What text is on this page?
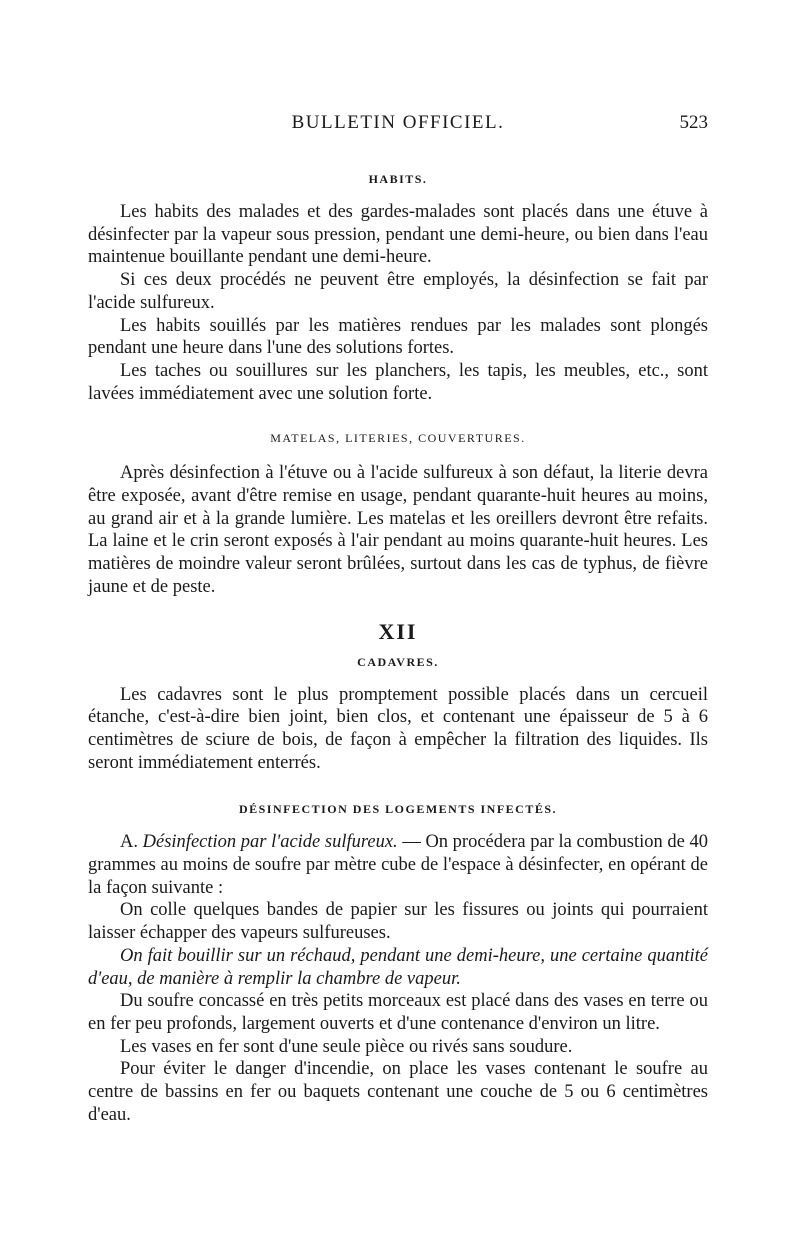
BULLETIN OFFICIEL.	523
HABITS.

Les habits des malades et des gardes-malades sont placés dans une étuve à désinfecter par la vapeur sous pression, pendant une demi-heure, ou bien dans l'eau maintenue bouillante pendant une demi-heure.

Si ces deux procédés ne peuvent être employés, la désinfection se fait par l'acide sulfureux.

Les habits souillés par les matières rendues par les malades sont plongés pendant une heure dans l'une des solutions fortes.

Les taches ou souillures sur les planchers, les tapis, les meubles, etc., sont lavées immédiatement avec une solution forte.

MATELAS, LITERIES, COUVERTURES.

Après désinfection à l'étuve ou à l'acide sulfureux à son défaut, la literie devra être exposée, avant d'être remise en usage, pendant quarante-huit heures au moins, au grand air et à la grande lumière. Les matelas et les oreillers devront être refaits. La laine et le crin seront exposés à l'air pendant au moins quarante-huit heures. Les matières de moindre valeur seront brûlées, surtout dans les cas de typhus, de fièvre jaune et de peste.

XII
CADAVRES.

Les cadavres sont le plus promptement possible placés dans un cercueil étanche, c'est-à-dire bien joint, bien clos, et contenant une épaisseur de 5 à 6 centimètres de sciure de bois, de façon à empêcher la filtration des liquides. Ils seront immédiatement enterrés.

DÉSINFECTION DES LOGEMENTS INFECTÉS.

A. Désinfection par l'acide sulfureux. — On procédera par la combustion de 40 grammes au moins de soufre par mètre cube de l'espace à désinfecter, en opérant de la façon suivante :

On colle quelques bandes de papier sur les fissures ou joints qui pourraient laisser échapper des vapeurs sulfureuses.

On fait bouillir sur un réchaud, pendant une demi-heure, une certaine quantité d'eau, de manière à remplir la chambre de vapeur.

Du soufre concassé en très petits morceaux est placé dans des vases en terre ou en fer peu profonds, largement ouverts et d'une contenance d'environ un litre.

Les vases en fer sont d'une seule pièce ou rivés sans soudure.

Pour éviter le danger d'incendie, on place les vases contenant le soufre au centre de bassins en fer ou baquets contenant une couche de 5 ou 6 centimètres d'eau.
